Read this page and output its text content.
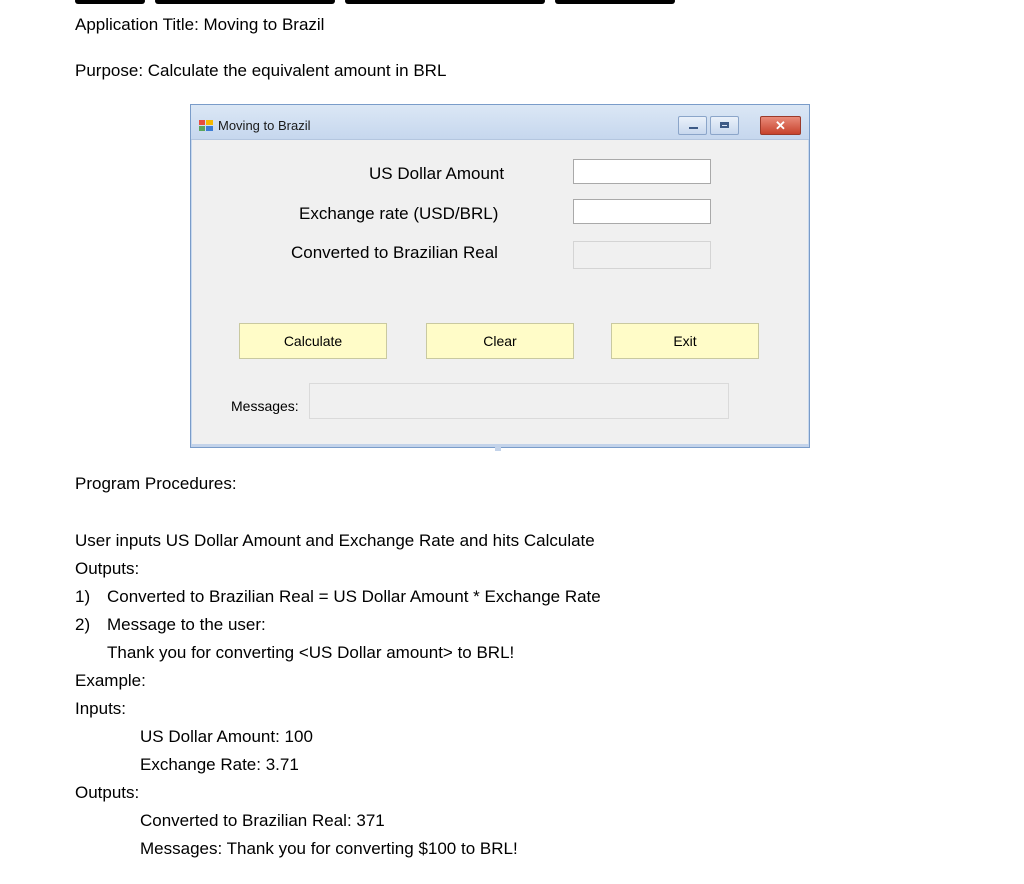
Application Title: Moving to Brazil
Purpose: Calculate the equivalent amount in BRL
Moving to Brazil	✕
US Dollar Amount
Exchange rate (USD/BRL)
Converted to Brazilian Real
Calculate	Clear	Exit
Messages:
Program Procedures:
User inputs US Dollar Amount and Exchange Rate and hits Calculate
Outputs:
1) Converted to Brazilian Real = US Dollar Amount * Exchange Rate
2) Message to the user:
Thank you for converting <US Dollar amount> to BRL!
Example:
Inputs:
US Dollar Amount: 100
Exchange Rate: 3.71
Outputs:
Converted to Brazilian Real: 371
Messages: Thank you for converting $100 to BRL!
